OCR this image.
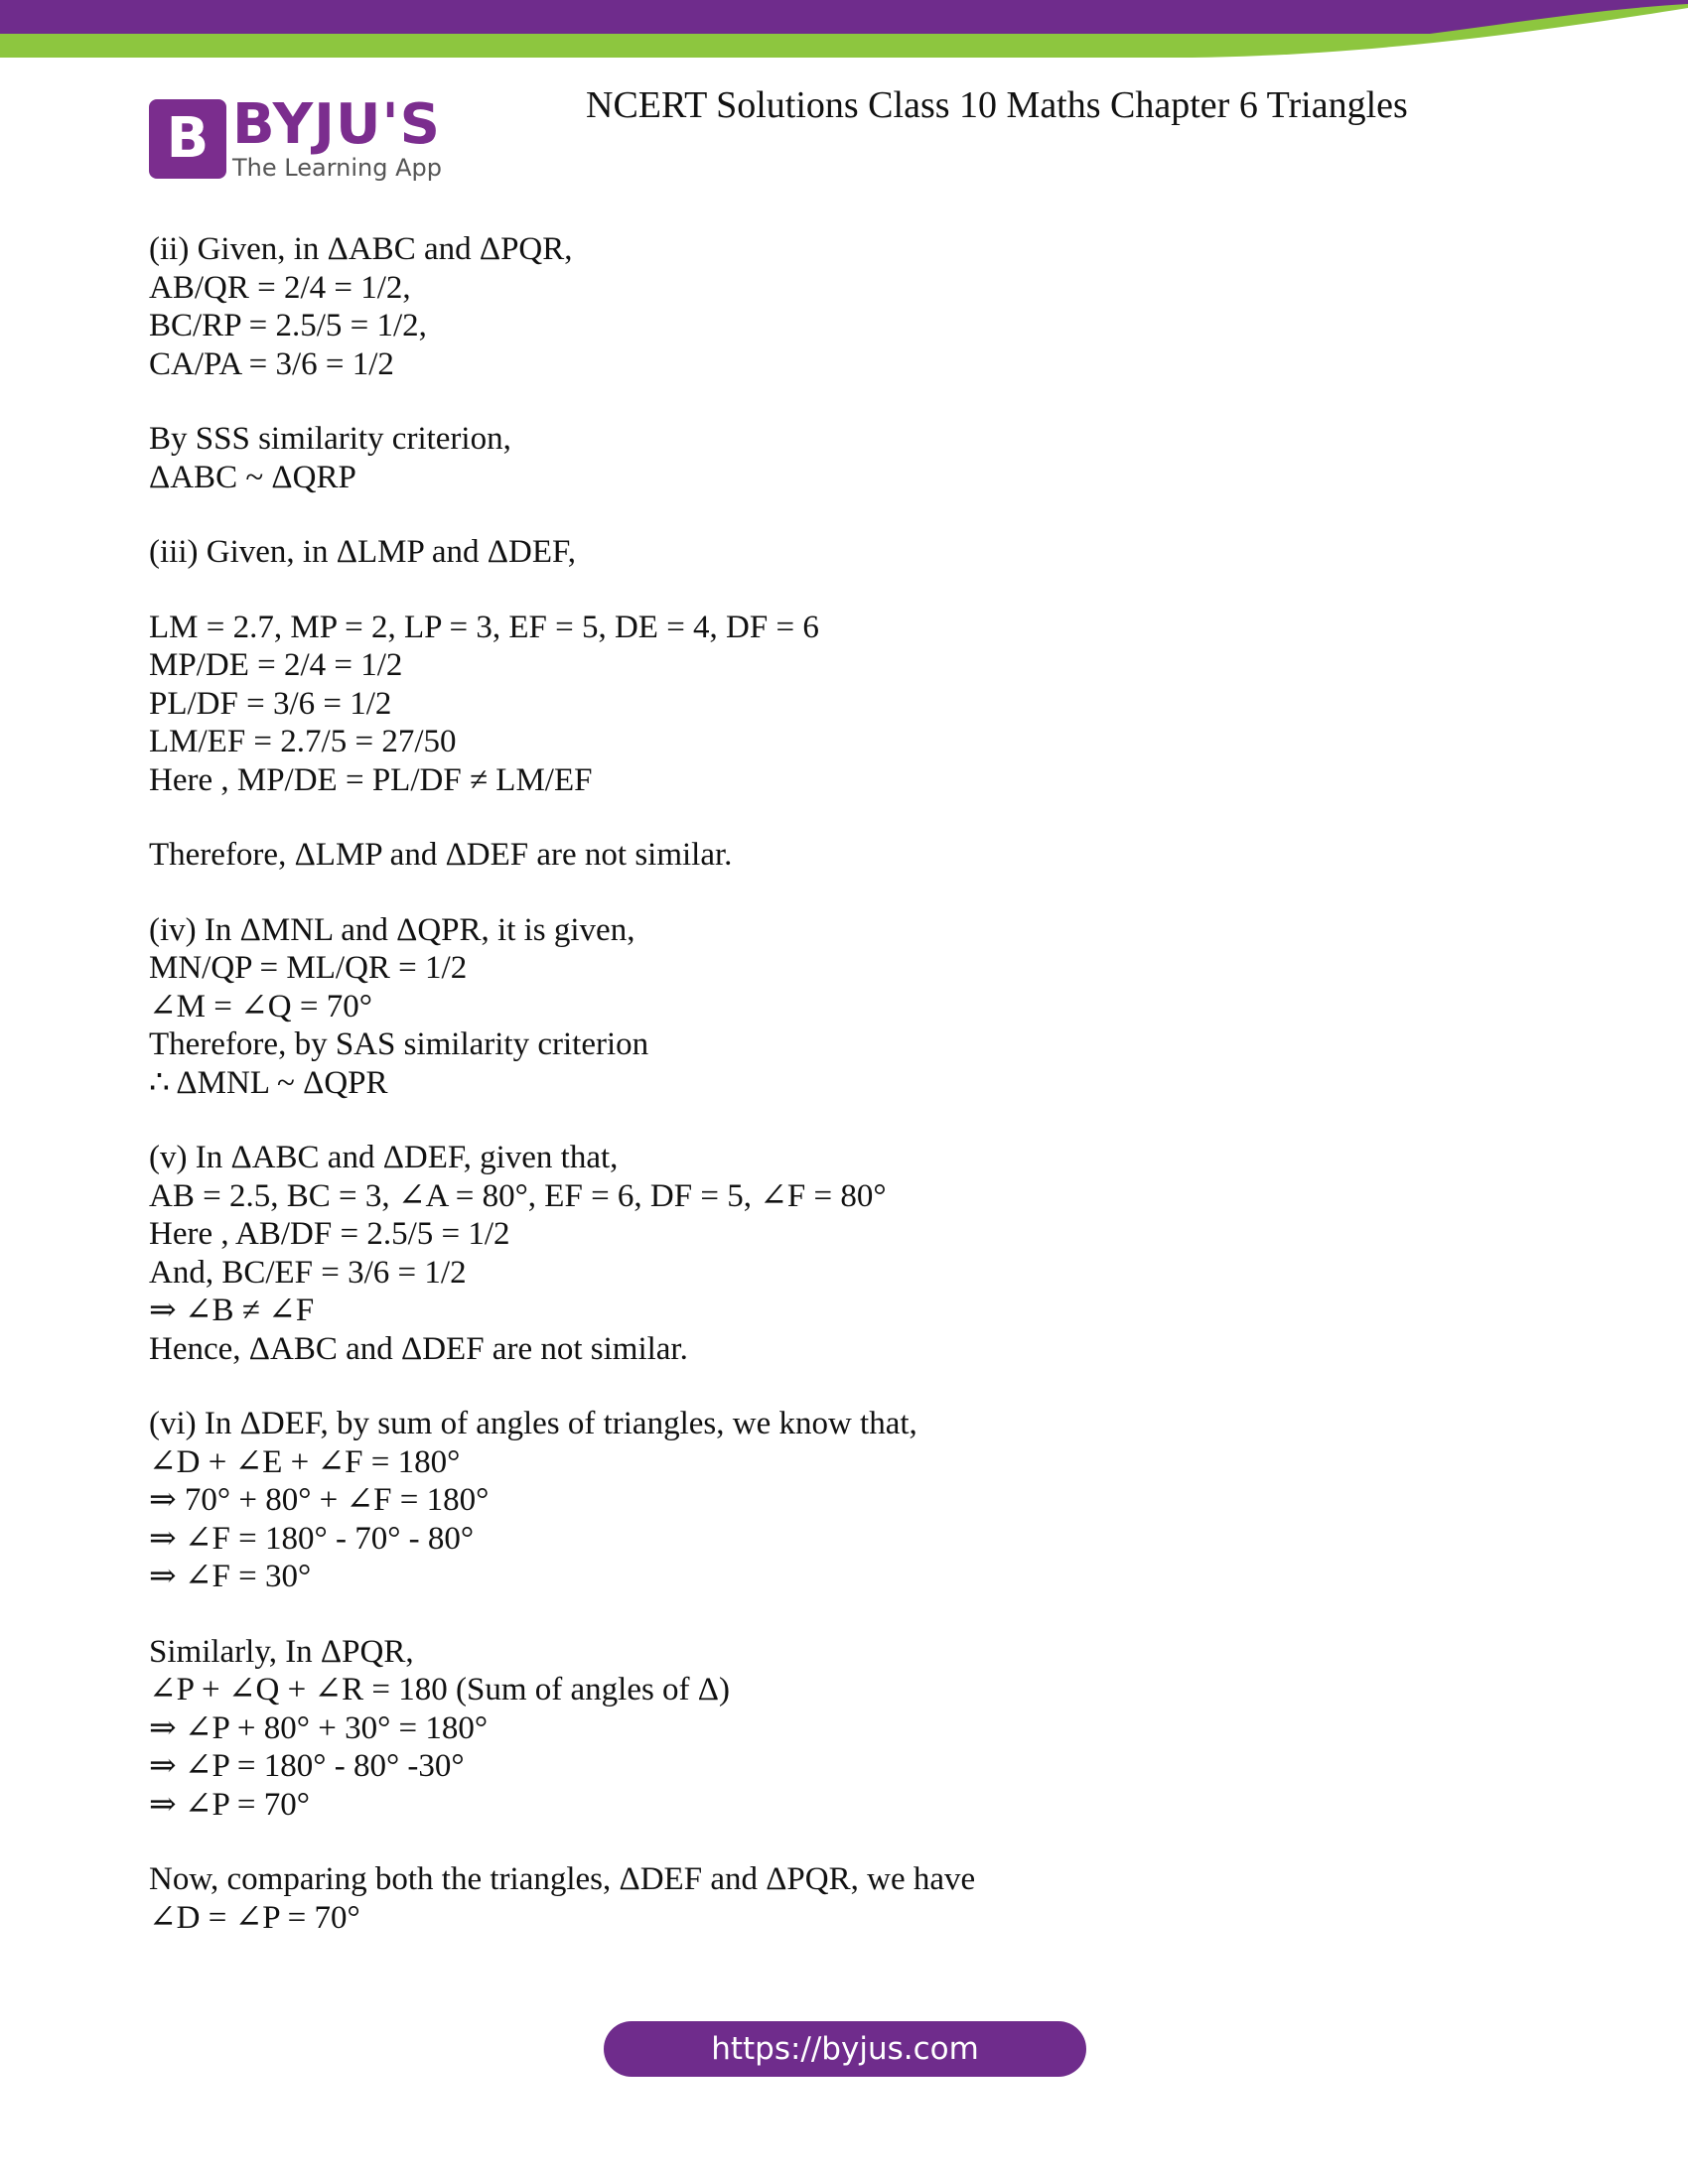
B BYJU'S
The Learning App
NCERT Solutions Class 10 Maths Chapter 6 Triangles
(ii) Given, in ΔABC and ΔPQR,
AB/QR = 2/4 = 1/2,
BC/RP = 2.5/5 = 1/2,
CA/PA = 3/6 = 1/2
By SSS similarity criterion,
ΔABC ~ ΔQRP
(iii) Given, in ΔLMP and ΔDEF,
LM = 2.7, MP = 2, LP = 3, EF = 5, DE = 4, DF = 6
MP/DE = 2/4 = 1/2
PL/DF = 3/6 = 1/2
LM/EF = 2.7/5 = 27/50
Here , MP/DE = PL/DF ≠ LM/EF
Therefore, ΔLMP and ΔDEF are not similar.
(iv) In ΔMNL and ΔQPR, it is given,
MN/QP = ML/QR = 1/2
∠M = ∠Q = 70°
Therefore, by SAS similarity criterion
∴ ΔMNL ~ ΔQPR
(v) In ΔABC and ΔDEF, given that,
AB = 2.5, BC = 3, ∠A = 80°, EF = 6, DF = 5, ∠F = 80°
Here , AB/DF = 2.5/5 = 1/2
And, BC/EF = 3/6 = 1/2
⇒ ∠B ≠ ∠F
Hence, ΔABC and ΔDEF are not similar.
(vi) In ΔDEF, by sum of angles of triangles, we know that,
∠D + ∠E + ∠F = 180°
⇒ 70° + 80° + ∠F = 180°
⇒ ∠F = 180° - 70° - 80°
⇒ ∠F = 30°
Similarly, In ΔPQR,
∠P + ∠Q + ∠R = 180 (Sum of angles of Δ)
⇒ ∠P + 80° + 30° = 180°
⇒ ∠P = 180° - 80° -30°
⇒ ∠P = 70°
Now, comparing both the triangles, ΔDEF and ΔPQR, we have
∠D = ∠P = 70°
https://byjus.com
